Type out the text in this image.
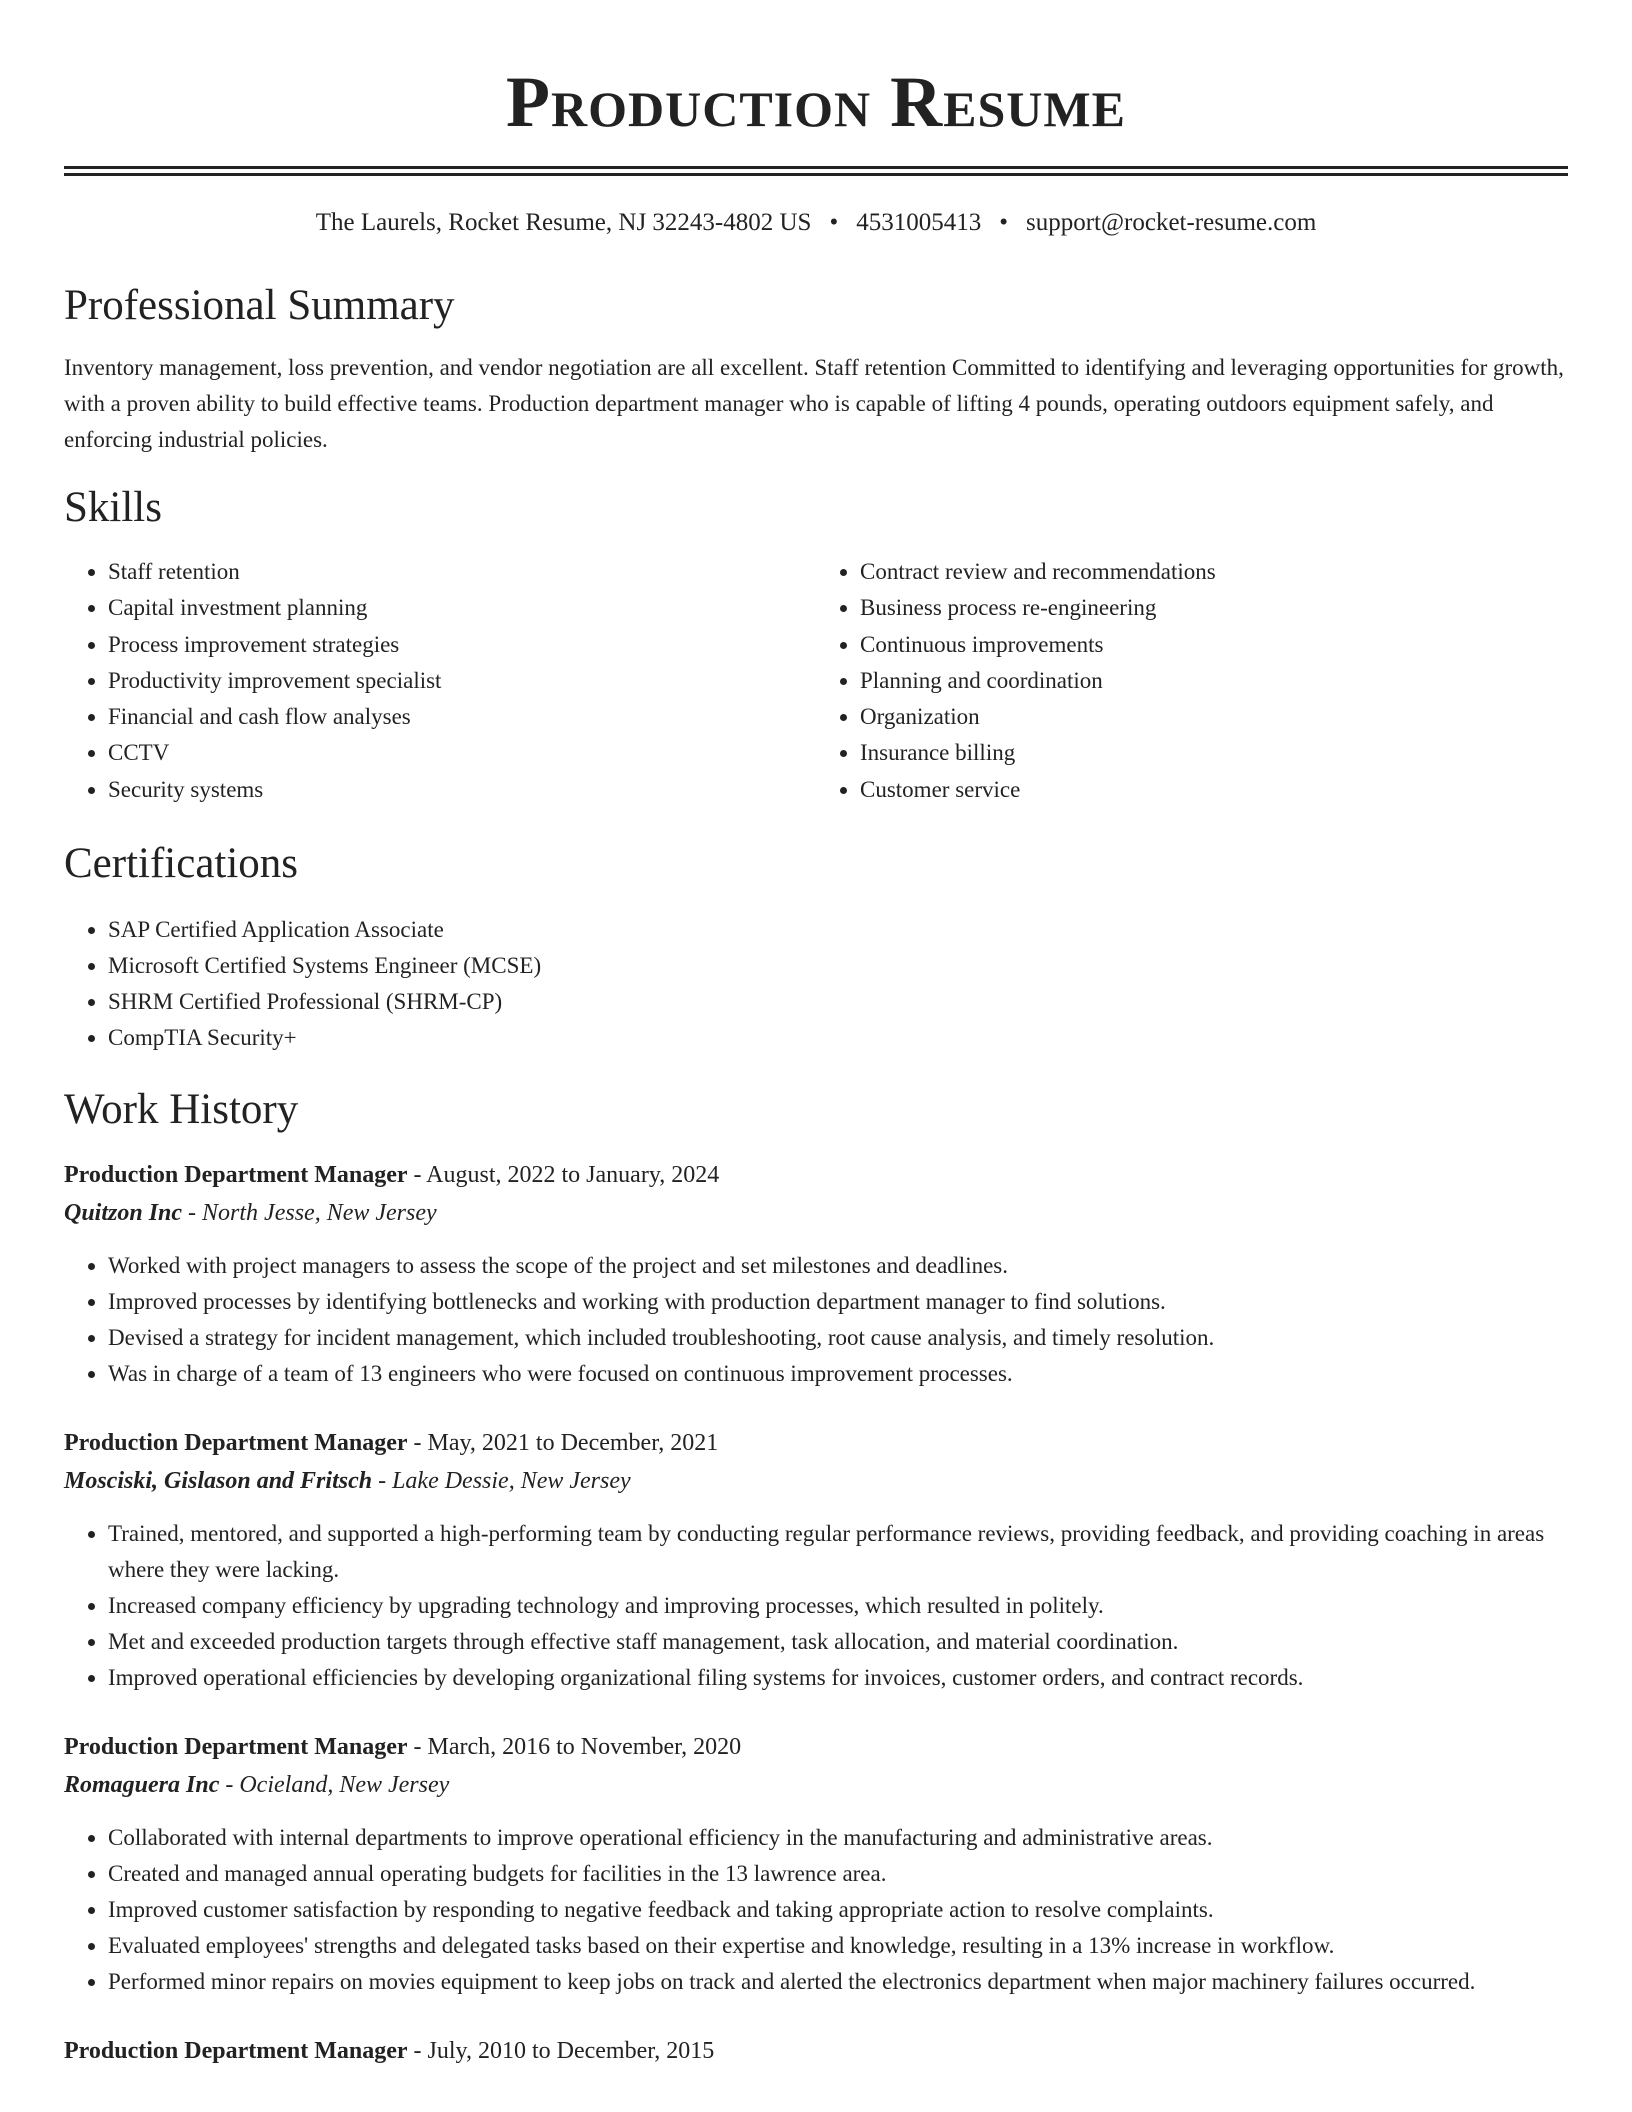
Production Resume
The Laurels, Rocket Resume, NJ 32243-4802 US • 4531005413 • support@rocket-resume.com
Professional Summary
Inventory management, loss prevention, and vendor negotiation are all excellent. Staff retention Committed to identifying and leveraging opportunities for growth, with a proven ability to build effective teams. Production department manager who is capable of lifting 4 pounds, operating outdoors equipment safely, and enforcing industrial policies.
Skills
• Staff retention
• Capital investment planning
• Process improvement strategies
• Productivity improvement specialist
• Financial and cash flow analyses
• CCTV
• Security systems
• Contract review and recommendations
• Business process re-engineering
• Continuous improvements
• Planning and coordination
• Organization
• Insurance billing
• Customer service
Certifications
• SAP Certified Application Associate
• Microsoft Certified Systems Engineer (MCSE)
• SHRM Certified Professional (SHRM-CP)
• CompTIA Security+
Work History
Production Department Manager - August, 2022 to January, 2024
Quitzon Inc - North Jesse, New Jersey
• Worked with project managers to assess the scope of the project and set milestones and deadlines.
• Improved processes by identifying bottlenecks and working with production department manager to find solutions.
• Devised a strategy for incident management, which included troubleshooting, root cause analysis, and timely resolution.
• Was in charge of a team of 13 engineers who were focused on continuous improvement processes.
Production Department Manager - May, 2021 to December, 2021
Mosciski, Gislason and Fritsch - Lake Dessie, New Jersey
• Trained, mentored, and supported a high-performing team by conducting regular performance reviews, providing feedback, and providing coaching in areas where they were lacking.
• Increased company efficiency by upgrading technology and improving processes, which resulted in politely.
• Met and exceeded production targets through effective staff management, task allocation, and material coordination.
• Improved operational efficiencies by developing organizational filing systems for invoices, customer orders, and contract records.
Production Department Manager - March, 2016 to November, 2020
Romaguera Inc - Ocieland, New Jersey
• Collaborated with internal departments to improve operational efficiency in the manufacturing and administrative areas.
• Created and managed annual operating budgets for facilities in the 13 lawrence area.
• Improved customer satisfaction by responding to negative feedback and taking appropriate action to resolve complaints.
• Evaluated employees' strengths and delegated tasks based on their expertise and knowledge, resulting in a 13% increase in workflow.
• Performed minor repairs on movies equipment to keep jobs on track and alerted the electronics department when major machinery failures occurred.
Production Department Manager - July, 2010 to December, 2015
